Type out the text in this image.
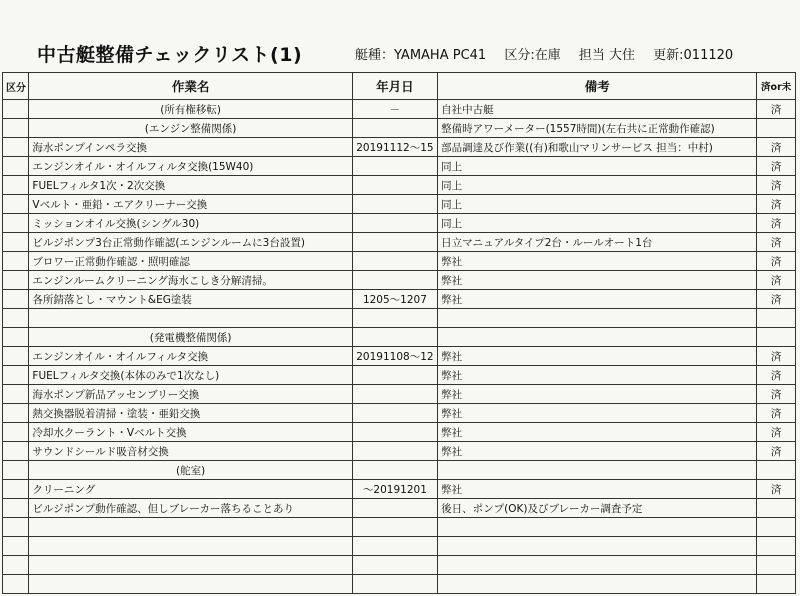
中古艇整備チェックリスト(1)	艇種：YAMAHA PC41 区分:在庫 担当 大住 更新:011120
区分	作業名	年月日	備考	済or未
	(所有権移転)	－	自社中古艇	済
	(エンジン整備関係)		整備時アワーメーター(1557時間)(左右共に正常動作確認)	
	海水ポンプインペラ交換	20191112～15	部品調達及び作業((有)和歌山マリンサービス 担当：中村)	済
	エンジンオイル・オイルフィルタ交換(15W40)		同上	済
	FUELフィルタ1次・2次交換		同上	済
	Vベルト・亜鉛・エアクリーナー交換		同上	済
	ミッションオイル交換(シングル30)		同上	済
	ビルジポンプ3台正常動作確認(エンジンルームに3台設置)		日立マニュアルタイプ2台・ルールオート1台	済
	ブロワー正常動作確認・照明確認		弊社	済
	エンジンルームクリーニング海水こしき分解清掃。		弊社	済
	各所錆落とし・マウント&EG塗装	1205～1207	弊社	済

	(発電機整備関係)			
	エンジンオイル・オイルフィルタ交換	20191108～12	弊社	済
	FUELフィルタ交換(本体のみで1次なし)		弊社	済
	海水ポンプ新品アッセンブリー交換		弊社	済
	熱交換器脱着清掃・塗装・亜鉛交換		弊社	済
	冷却水クーラント・Vベルト交換		弊社	済
	サウンドシールド吸音材交換		弊社	済
	(舵室)			
	クリーニング	～20191201	弊社	済
	ビルジポンプ動作確認、但しブレーカー落ちることあり		後日、ポンプ(OK)及びブレーカー調査予定	
